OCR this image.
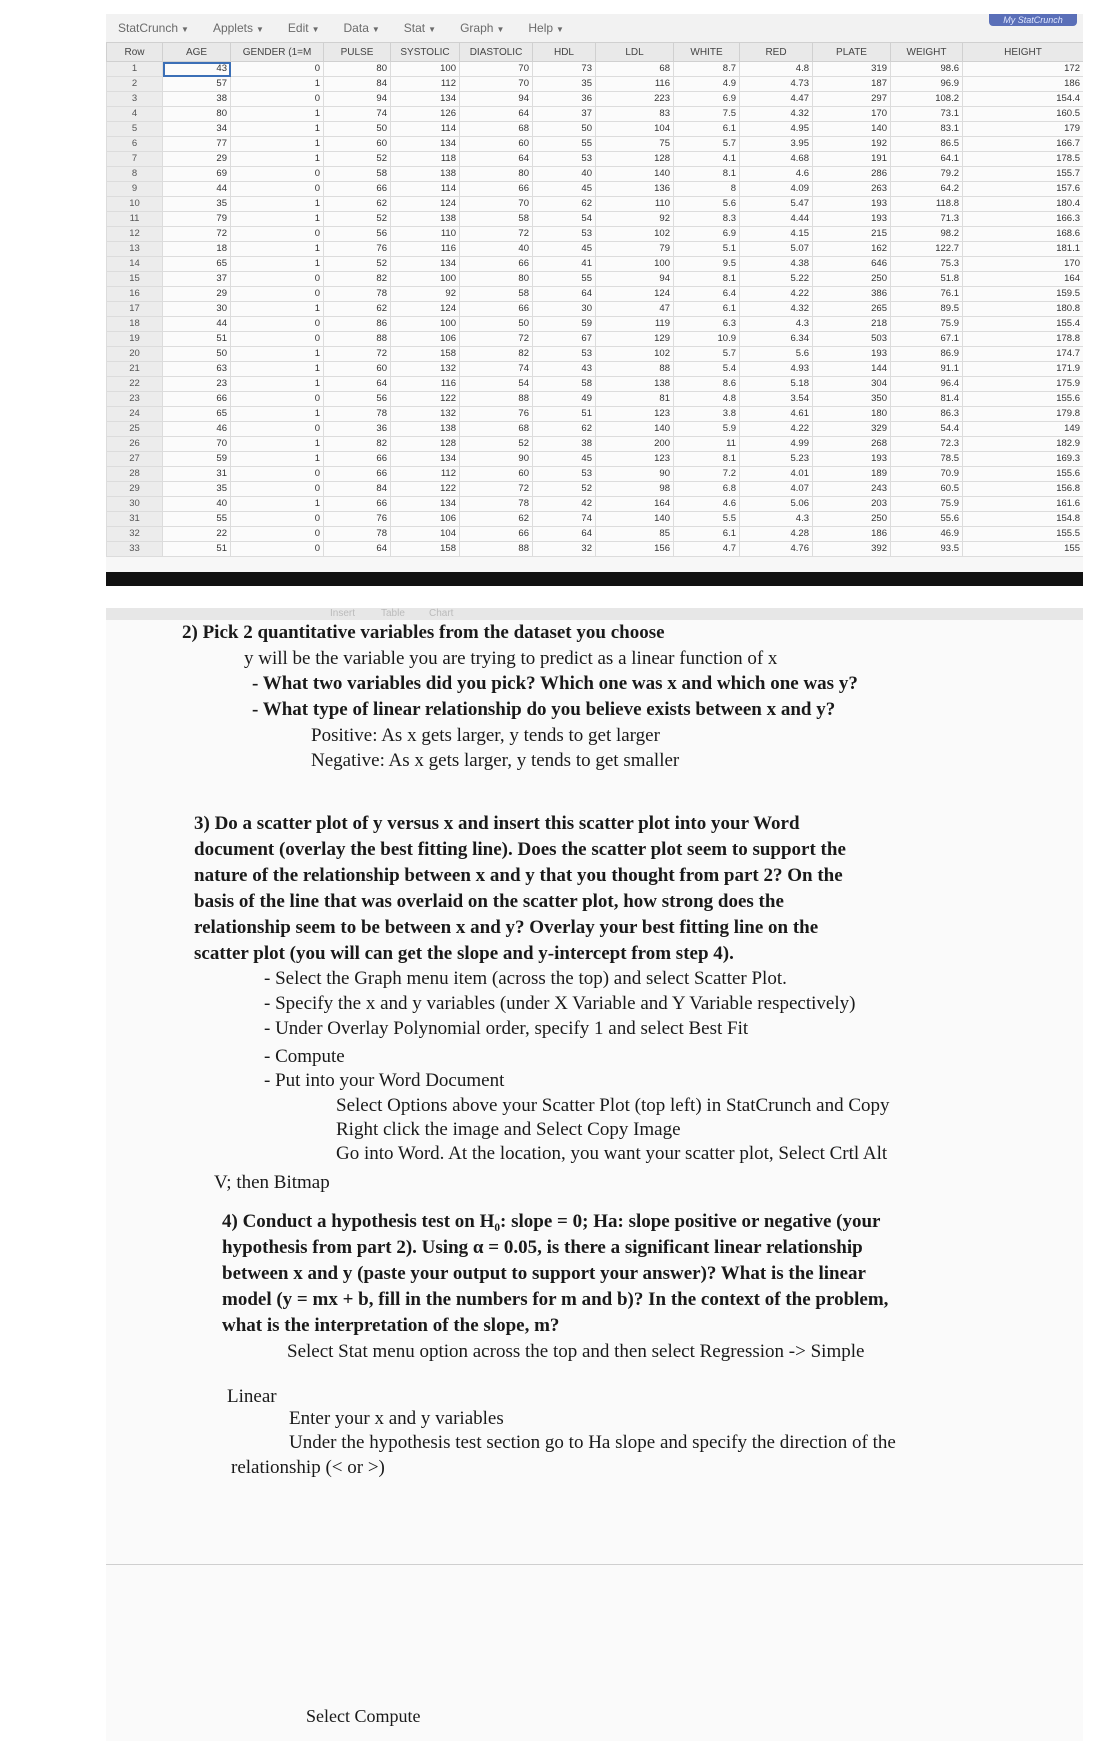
StatCrunch ▼	Applets ▼	Edit ▼	Data ▼	Stat ▼	Graph ▼	Help ▼
My StatCrunch
Row	AGE	GENDER (1=M	PULSE	SYSTOLIC	DIASTOLIC	HDL	LDL	WHITE	RED	PLATE	WEIGHT	HEIGHT
1	43	0	80	100	70	73	68	8.7	4.8	319	98.6	172
2	57	1	84	112	70	35	116	4.9	4.73	187	96.9	186
3	38	0	94	134	94	36	223	6.9	4.47	297	108.2	154.4
4	80	1	74	126	64	37	83	7.5	4.32	170	73.1	160.5
5	34	1	50	114	68	50	104	6.1	4.95	140	83.1	179
6	77	1	60	134	60	55	75	5.7	3.95	192	86.5	166.7
7	29	1	52	118	64	53	128	4.1	4.68	191	64.1	178.5
8	69	0	58	138	80	40	140	8.1	4.6	286	79.2	155.7
9	44	0	66	114	66	45	136	8	4.09	263	64.2	157.6
10	35	1	62	124	70	62	110	5.6	5.47	193	118.8	180.4
11	79	1	52	138	58	54	92	8.3	4.44	193	71.3	166.3
12	72	0	56	110	72	53	102	6.9	4.15	215	98.2	168.6
13	18	1	76	116	40	45	79	5.1	5.07	162	122.7	181.1
14	65	1	52	134	66	41	100	9.5	4.38	646	75.3	170
15	37	0	82	100	80	55	94	8.1	5.22	250	51.8	164
16	29	0	78	92	58	64	124	6.4	4.22	386	76.1	159.5
17	30	1	62	124	66	30	47	6.1	4.32	265	89.5	180.8
18	44	0	86	100	50	59	119	6.3	4.3	218	75.9	155.4
19	51	0	88	106	72	67	129	10.9	6.34	503	67.1	178.8
20	50	1	72	158	82	53	102	5.7	5.6	193	86.9	174.7
21	63	1	60	132	74	43	88	5.4	4.93	144	91.1	171.9
22	23	1	64	116	54	58	138	8.6	5.18	304	96.4	175.9
23	66	0	56	122	88	49	81	4.8	3.54	350	81.4	155.6
24	65	1	78	132	76	51	123	3.8	4.61	180	86.3	179.8
25	46	0	36	138	68	62	140	5.9	4.22	329	54.4	149
26	70	1	82	128	52	38	200	11	4.99	268	72.3	182.9
27	59	1	66	134	90	45	123	8.1	5.23	193	78.5	169.3
28	31	0	66	112	60	53	90	7.2	4.01	189	70.9	155.6
29	35	0	84	122	72	52	98	6.8	4.07	243	60.5	156.8
30	40	1	66	134	78	42	164	4.6	5.06	203	75.9	161.6
31	55	0	76	106	62	74	140	5.5	4.3	250	55.6	154.8
32	22	0	78	104	66	64	85	6.1	4.28	186	46.9	155.5
33	51	0	64	158	88	32	156	4.7	4.76	392	93.5	155
Insert	Table Chart

2) Pick 2 quantitative variables from the dataset you choose

y will be the variable you are trying to predict as a linear function of x

- What two variables did you pick? Which one was x and which one was y?

- What type of linear relationship do you believe exists between x and y?

Positive: As x gets larger, y tends to get larger

Negative: As x gets larger, y tends to get smaller

3) Do a scatter plot of y versus x and insert this scatter plot into your Word

document (overlay the best fitting line). Does the scatter plot seem to support the

nature of the relationship between x and y that you thought from part 2? On the

basis of the line that was overlaid on the scatter plot, how strong does the

relationship seem to be between x and y? Overlay your best fitting line on the

scatter plot (you will can get the slope and y-intercept from step 4).

- Select the Graph menu item (across the top) and select Scatter Plot.

- Specify the x and y variables (under X Variable and Y Variable respectively)

- Under Overlay Polynomial order, specify 1 and select Best Fit

- Compute

- Put into your Word Document

Select Options above your Scatter Plot (top left) in StatCrunch and Copy

Right click the image and Select Copy Image

Go into Word. At the location, you want your scatter plot, Select Crtl Alt

V; then Bitmap

4) Conduct a hypothesis test on H₀: slope = 0; Ha: slope positive or negative (your

hypothesis from part 2). Using α = 0.05, is there a significant linear relationship

between x and y (paste your output to support your answer)? What is the linear

model (y = mx + b, fill in the numbers for m and b)? In the context of the problem,

what is the interpretation of the slope, m?

Select Stat menu option across the top and then select Regression -> Simple

Linear

Enter your x and y variables

Under the hypothesis test section go to Ha slope and specify the direction of the

relationship (< or >)

Select Compute
